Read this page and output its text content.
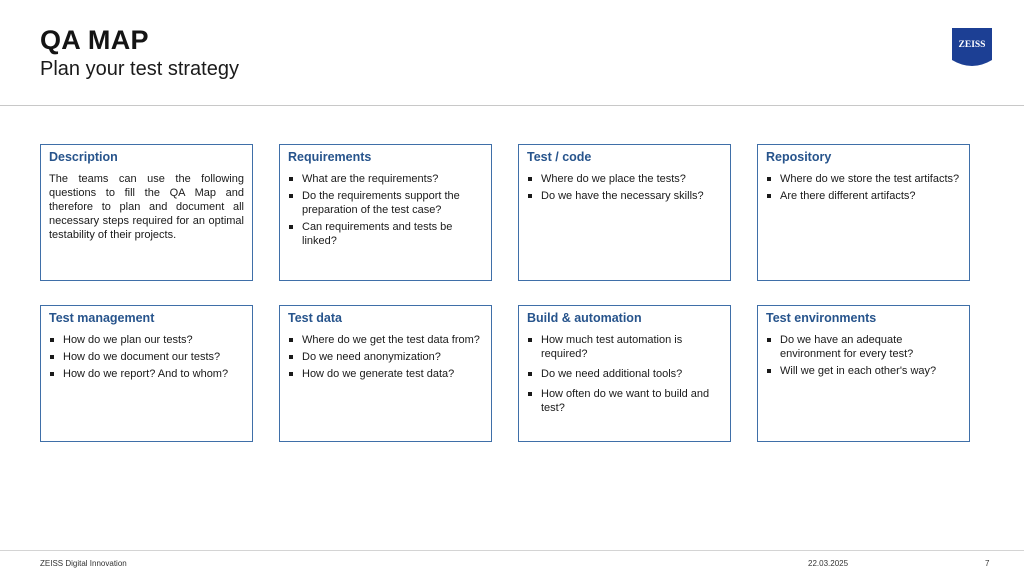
QA MAP
Plan your test strategy
ZEISS
Description
The teams can use the following questions to fill the QA Map and therefore to plan and document all necessary steps required for an optimal testability of their projects.
Requirements
What are the requirements?
Do the requirements support the preparation of the test case?
Can requirements and tests be linked?
Test / code
Where do we place the tests?
Do we have the necessary skills?
Repository
Where do we store the test artifacts?
Are there different artifacts?
Test management
How do we plan our tests?
How do we document our tests?
How do we report? And to whom?
Test data
Where do we get the test data from?
Do we need anonymization?
How do we generate test data?
Build & automation
How much test automation is required?
Do we need additional tools?
How often do we want to build and test?
Test environments
Do we have an adequate environment for every test?
Will we get in each other's way?
ZEISS Digital Innovation	22.03.2025	7
